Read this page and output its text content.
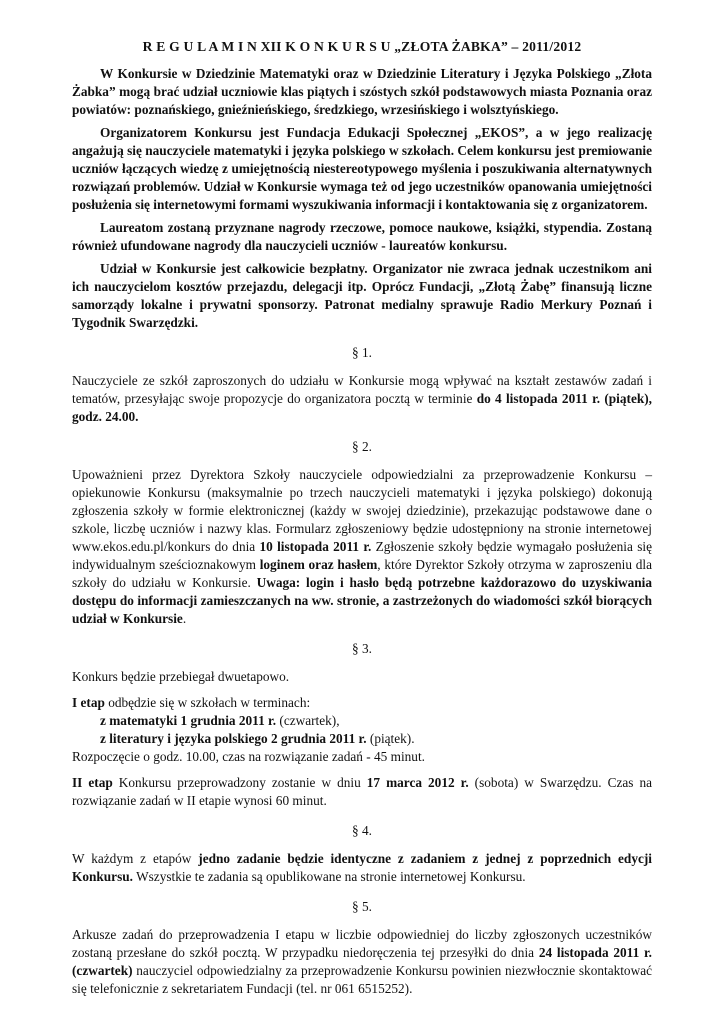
R E G U L A M I N XII K O N K U R S U „ZŁOTA ŻABKA” – 2011/2012

W Konkursie w Dziedzinie Matematyki oraz w Dziedzinie Literatury i Języka Polskiego „Złota Żabka” mogą brać udział uczniowie klas piątych i szóstych szkół podstawowych miasta Poznania oraz powiatów: poznańskiego, gnieźnieńskiego, średzkiego, wrzesińskiego i wolsztyńskiego.

Organizatorem Konkursu jest Fundacja Edukacji Społecznej „EKOS”, a w jego realizację angażują się nauczyciele matematyki i języka polskiego w szkołach. Celem konkursu jest premiowanie uczniów łączących wiedzę z umiejętnością niestereotypowego myślenia i poszukiwania alternatywnych rozwiązań problemów. Udział w Konkursie wymaga też od jego uczestników opanowania umiejętności posłużenia się internetowymi formami wyszukiwania informacji i kontaktowania się z organizatorem.

Laureatom zostaną przyznane nagrody rzeczowe, pomoce naukowe, książki, stypendia. Zostaną również ufundowane nagrody dla nauczycieli uczniów - laureatów konkursu.

Udział w Konkursie jest całkowicie bezpłatny. Organizator nie zwraca jednak uczestnikom ani ich nauczycielom kosztów przejazdu, delegacji itp. Oprócz Fundacji, „Złotą Żabę” finansują liczne samorządy lokalne i prywatni sponsorzy. Patronat medialny sprawuje Radio Merkury Poznań i Tygodnik Swarzędzki.

§ 1.

Nauczyciele ze szkół zaproszonych do udziału w Konkursie mogą wpływać na kształt zestawów zadań i tematów, przesyłając swoje propozycje do organizatora pocztą w terminie do 4 listopada 2011 r. (piątek), godz. 24.00.

§ 2.

Upoważnieni przez Dyrektora Szkoły nauczyciele odpowiedzialni za przeprowadzenie Konkursu – opiekunowie Konkursu (maksymalnie po trzech nauczycieli matematyki i języka polskiego) dokonują zgłoszenia szkoły w formie elektronicznej (każdy w swojej dziedzinie), przekazując podstawowe dane o szkole, liczbę uczniów i nazwy klas. Formularz zgłoszeniowy będzie udostępniony na stronie internetowej www.ekos.edu.pl/konkurs do dnia 10 listopada 2011 r. Zgłoszenie szkoły będzie wymagało posłużenia się indywidualnym sześcioznakowym loginem oraz hasłem, które Dyrektor Szkoły otrzyma w zaproszeniu dla szkoły do udziału w Konkursie. Uwaga: login i hasło będą potrzebne każdorazowo do uzyskiwania dostępu do informacji zamieszczanych na ww. stronie, a zastrzeżonych do wiadomości szkół biorących udział w Konkursie.

§ 3.

Konkurs będzie przebiegał dwuetapowo.

I etap odbędzie się w szkołach w terminach:

z matematyki 1 grudnia 2011 r. (czwartek),

z literatury i języka polskiego 2 grudnia 2011 r. (piątek).

Rozpoczęcie o godz. 10.00, czas na rozwiązanie zadań - 45 minut.

II etap Konkursu przeprowadzony zostanie w dniu 17 marca 2012 r. (sobota) w Swarzędzu. Czas na rozwiązanie zadań w II etapie wynosi 60 minut.

§ 4.

W każdym z etapów jedno zadanie będzie identyczne z zadaniem z jednej z poprzednich edycji Konkursu. Wszystkie te zadania są opublikowane na stronie internetowej Konkursu.

§ 5.

Arkusze zadań do przeprowadzenia I etapu w liczbie odpowiedniej do liczby zgłoszonych uczestników zostaną przesłane do szkół pocztą. W przypadku niedoręczenia tej przesyłki do dnia 24 listopada 2011 r. (czwartek) nauczyciel odpowiedzialny za przeprowadzenie Konkursu powinien niezwłocznie skontaktować się telefonicznie z sekretariatem Fundacji (tel. nr 061 6515252).
